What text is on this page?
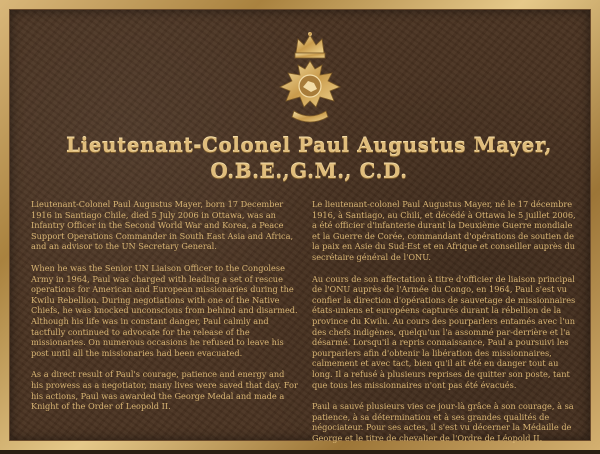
Lieutenant-Colonel Paul Augustus Mayer,
O.B.E.,G.M., C.D.

Lieutenant-Colonel Paul Augustus Mayer, born 17 December 1916 in Santiago Chile, died 5 July 2006 in Ottawa, was an Infantry Officer in the Second World War and Korea, a Peace Support Operations Commander in South East Asia and Africa, and an advisor to the UN Secretary General.

When he was the Senior UN Liaison Officer to the Congolese Army in 1964, Paul was charged with leading a set of rescue operations for American and European missionaries during the Kwilu Rebellion. During negotiations with one of the Native Chiefs, he was knocked unconscious from behind and disarmed. Although his life was in constant danger, Paul calmly and tactfully continued to advocate for the release of the missionaries. On numerous occasions he refused to leave his post until all the missionaries had been evacuated.

As a direct result of Paul's courage, patience and energy and his prowess as a negotiator, many lives were saved that day. For his actions, Paul was awarded the George Medal and made a Knight of the Order of Leopold II.

Le lieutenant-colonel Paul Augustus Mayer, né le 17 décembre 1916, à Santiago, au Chili, et décédé à Ottawa le 5 juillet 2006, a été officier d'infanterie durant la Deuxième Guerre mondiale et la Guerre de Corée, commandant d'opérations de soutien de la paix en Asie du Sud-Est et en Afrique et conseiller auprès du secrétaire général de l'ONU.

Au cours de son affectation à titre d'officier de liaison principal de l'ONU auprès de l'Armée du Congo, en 1964, Paul s'est vu confier la direction d'opérations de sauvetage de missionnaires états-uniens et européens capturés durant la rébellion de la province du Kwilu. Au cours des pourparlers entamés avec l'un des chefs indigènes, quelqu'un l'a assommé par-derrière et l'a désarmé. Lorsqu'il a repris connaissance, Paul a poursuivi les pourparlers afin d'obtenir la libération des missionnaires, calmement et avec tact, bien qu'il ait été en danger tout au long. Il a refusé à plusieurs reprises de quitter son poste, tant que tous les missionnaires n'ont pas été évacués.

Paul a sauvé plusieurs vies ce jour-là grâce à son courage, à sa patience, à sa détermination et à ses grandes qualités de négociateur. Pour ses actes, il s'est vu décerner la Médaille de George et le titre de chevalier de l'Ordre de Léopold II.
